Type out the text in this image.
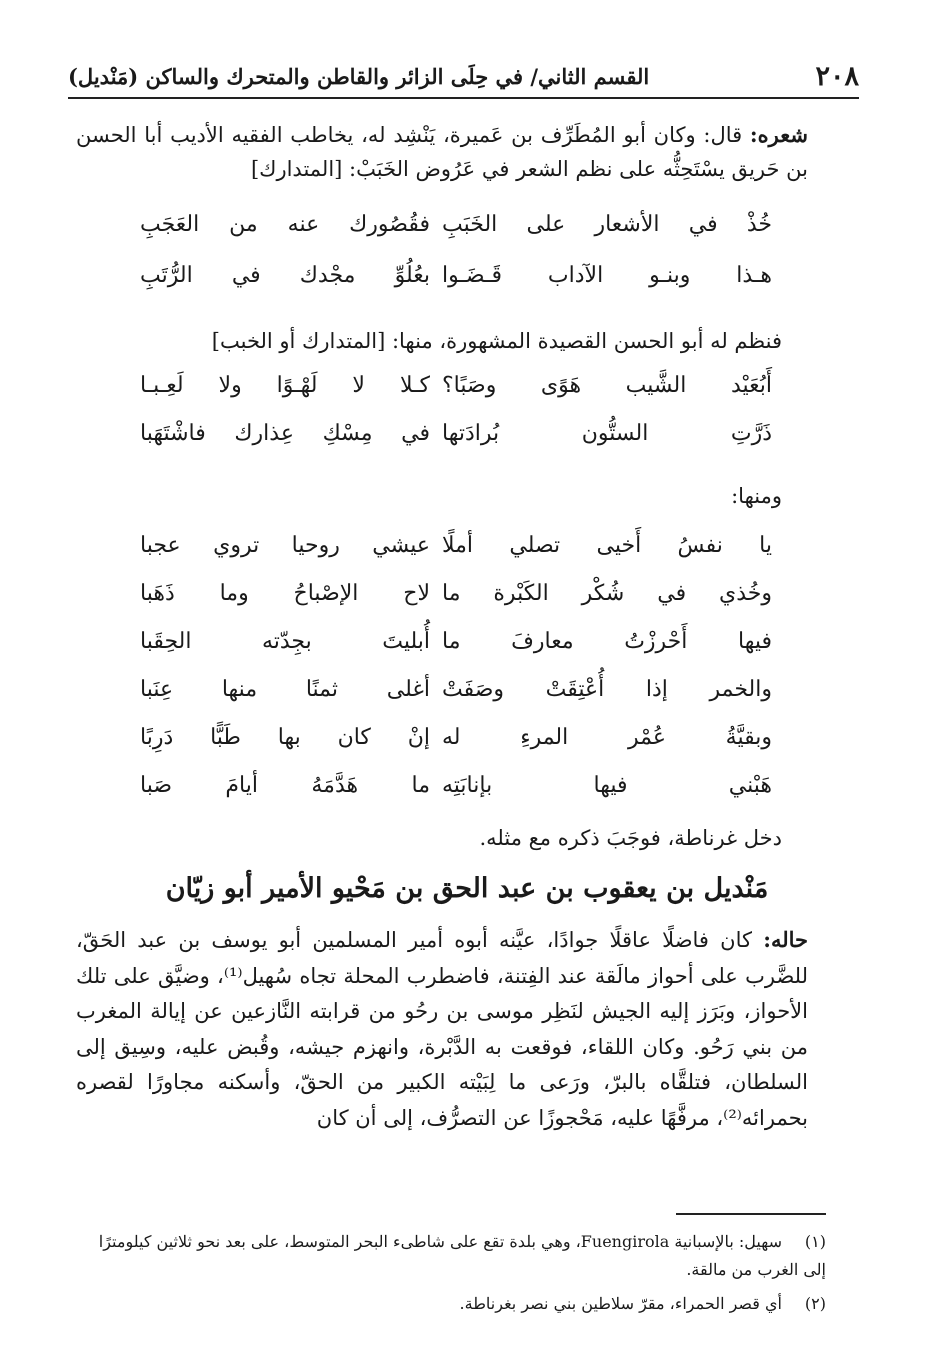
٢٠٨
القسم الثاني/ في حِلَى الزائر والقاطن والمتحرك والساكن (مَنْديل)
شعره: قال: وكان أبو المُطَرِّف بن عَميرة، يَنْشِد له، يخاطب الفقيه الأديب أبا الحسن بن حَريق يسْتَحِثُّه على نظم الشعر في عَرُوض الخَبَبْ: [المتدارك]
خُذْ في الأشعار على الخَبَبِ
فقُصُورك عنه من العَجَبِ
هـذا وبنـو الآداب قَـضَـوا
بعُلُوِّ مجْدك في الرُّتَبِ
فنظم له أبو الحسن القصيدة المشهورة، منها: [المتدارك أو الخبب]
أَبُعَيْد الشَّيب هَوًى وصَبًا؟
كـلا لا لَهْـوًا ولا لَعِـبـا
ذَرَّتِ الستُّون بُرادَتها
في مِسْكِ عِذارك فاشْتَهَبا
ومنها:
يا نفسُ أَخيى تصلي أملًا
عيشي روحيا تروي عجبا
وخُذي في شُكْر الكَبْرة ما
لاح الإصْباحُ وما ذَهَبا
فيها أَحْرزْتُ معارفَ ما
أُبليتَ بجِدّته الحِقَبا
والخمر إذا أُعْتِقَتْ وصَفَتْ
أغلى ثمنًا منها عِنَبا
وبقيَّةُ عُمْر المرءِ له
إنْ كان بها طَبًّا دَرِبًا
هَبْني فيها بإنابَتِه
ما هَدَّمَهُ أيامَ صَبا
دخل غرناطة، فوجَبَ ذكره مع مثله.
مَنْديل بن يعقوب بن عبد الحق بن مَحْيو الأمير أبو زيّان
حاله: كان فاضلًا عاقلًا جوادًا، عيَّنه أبوه أمير المسلمين أبو يوسف بن عبد الحَقّ، للضَّرب على أحواز مالَقة عند الفِتنة، فاضطرب المحلة تجاه سُهيل⁽¹⁾، وضيَّق على تلك الأحواز، وبَرَز إليه الجيش لنَظِر موسى بن رحُو من قرابته النَّازعين عن إيالة المغرب من بني رَحُو. وكان اللقاء، فوقعت به الدَّبْرة، وانهزم جيشه، وقُبض عليه، وسِيق إلى السلطان، فتلقَّاه بالبرّ، ورَعى ما لِبَيْته الكبير من الحقّ، وأسكنه مجاورًا لقصره بحمرائه⁽²⁾، مرفَّهًا عليه، مَحْجوزًا عن التصرُّف، إلى أن كان
(١)سهيل: بالإسبانية Fuengirola، وهي بلدة تقع على شاطىء البحر المتوسط، على بعد نحو ثلاثين كيلومترًا إلى الغرب من مالقة.
(٢)أي قصر الحمراء، مقرّ سلاطين بني نصر بغرناطة.
